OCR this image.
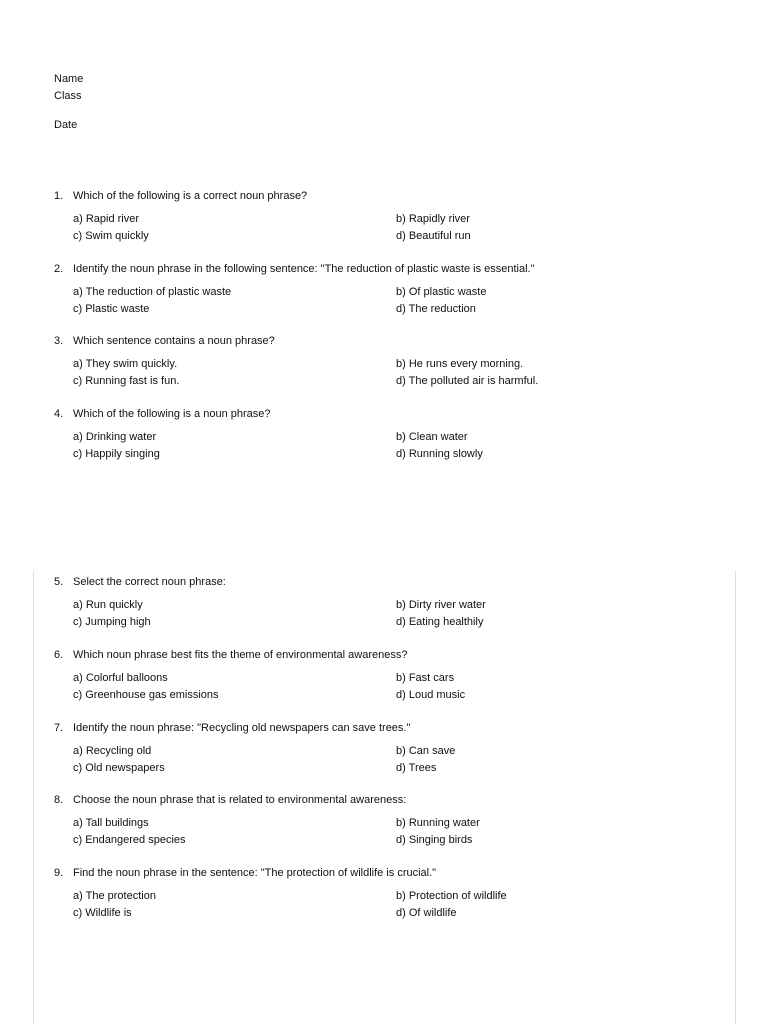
Name
Class
Date
1. Which of the following is a correct noun phrase?
a) Rapid river	b) Rapidly river
c) Swim quickly	d) Beautiful run
2. Identify the noun phrase in the following sentence: "The reduction of plastic waste is essential."
a) The reduction of plastic waste	b) Of plastic waste
c) Plastic waste	d) The reduction
3. Which sentence contains a noun phrase?
a) They swim quickly.	b) He runs every morning.
c) Running fast is fun.	d) The polluted air is harmful.
4. Which of the following is a noun phrase?
a) Drinking water	b) Clean water
c) Happily singing	d) Running slowly
5. Select the correct noun phrase:
a) Run quickly	b) Dirty river water
c) Jumping high	d) Eating healthily
6. Which noun phrase best fits the theme of environmental awareness?
a) Colorful balloons	b) Fast cars
c) Greenhouse gas emissions	d) Loud music
7. Identify the noun phrase: "Recycling old newspapers can save trees."
a) Recycling old	b) Can save
c) Old newspapers	d) Trees
8. Choose the noun phrase that is related to environmental awareness:
a) Tall buildings	b) Running water
c) Endangered species	d) Singing birds
9. Find the noun phrase in the sentence: "The protection of wildlife is crucial."
a) The protection	b) Protection of wildlife
c) Wildlife is	d) Of wildlife
